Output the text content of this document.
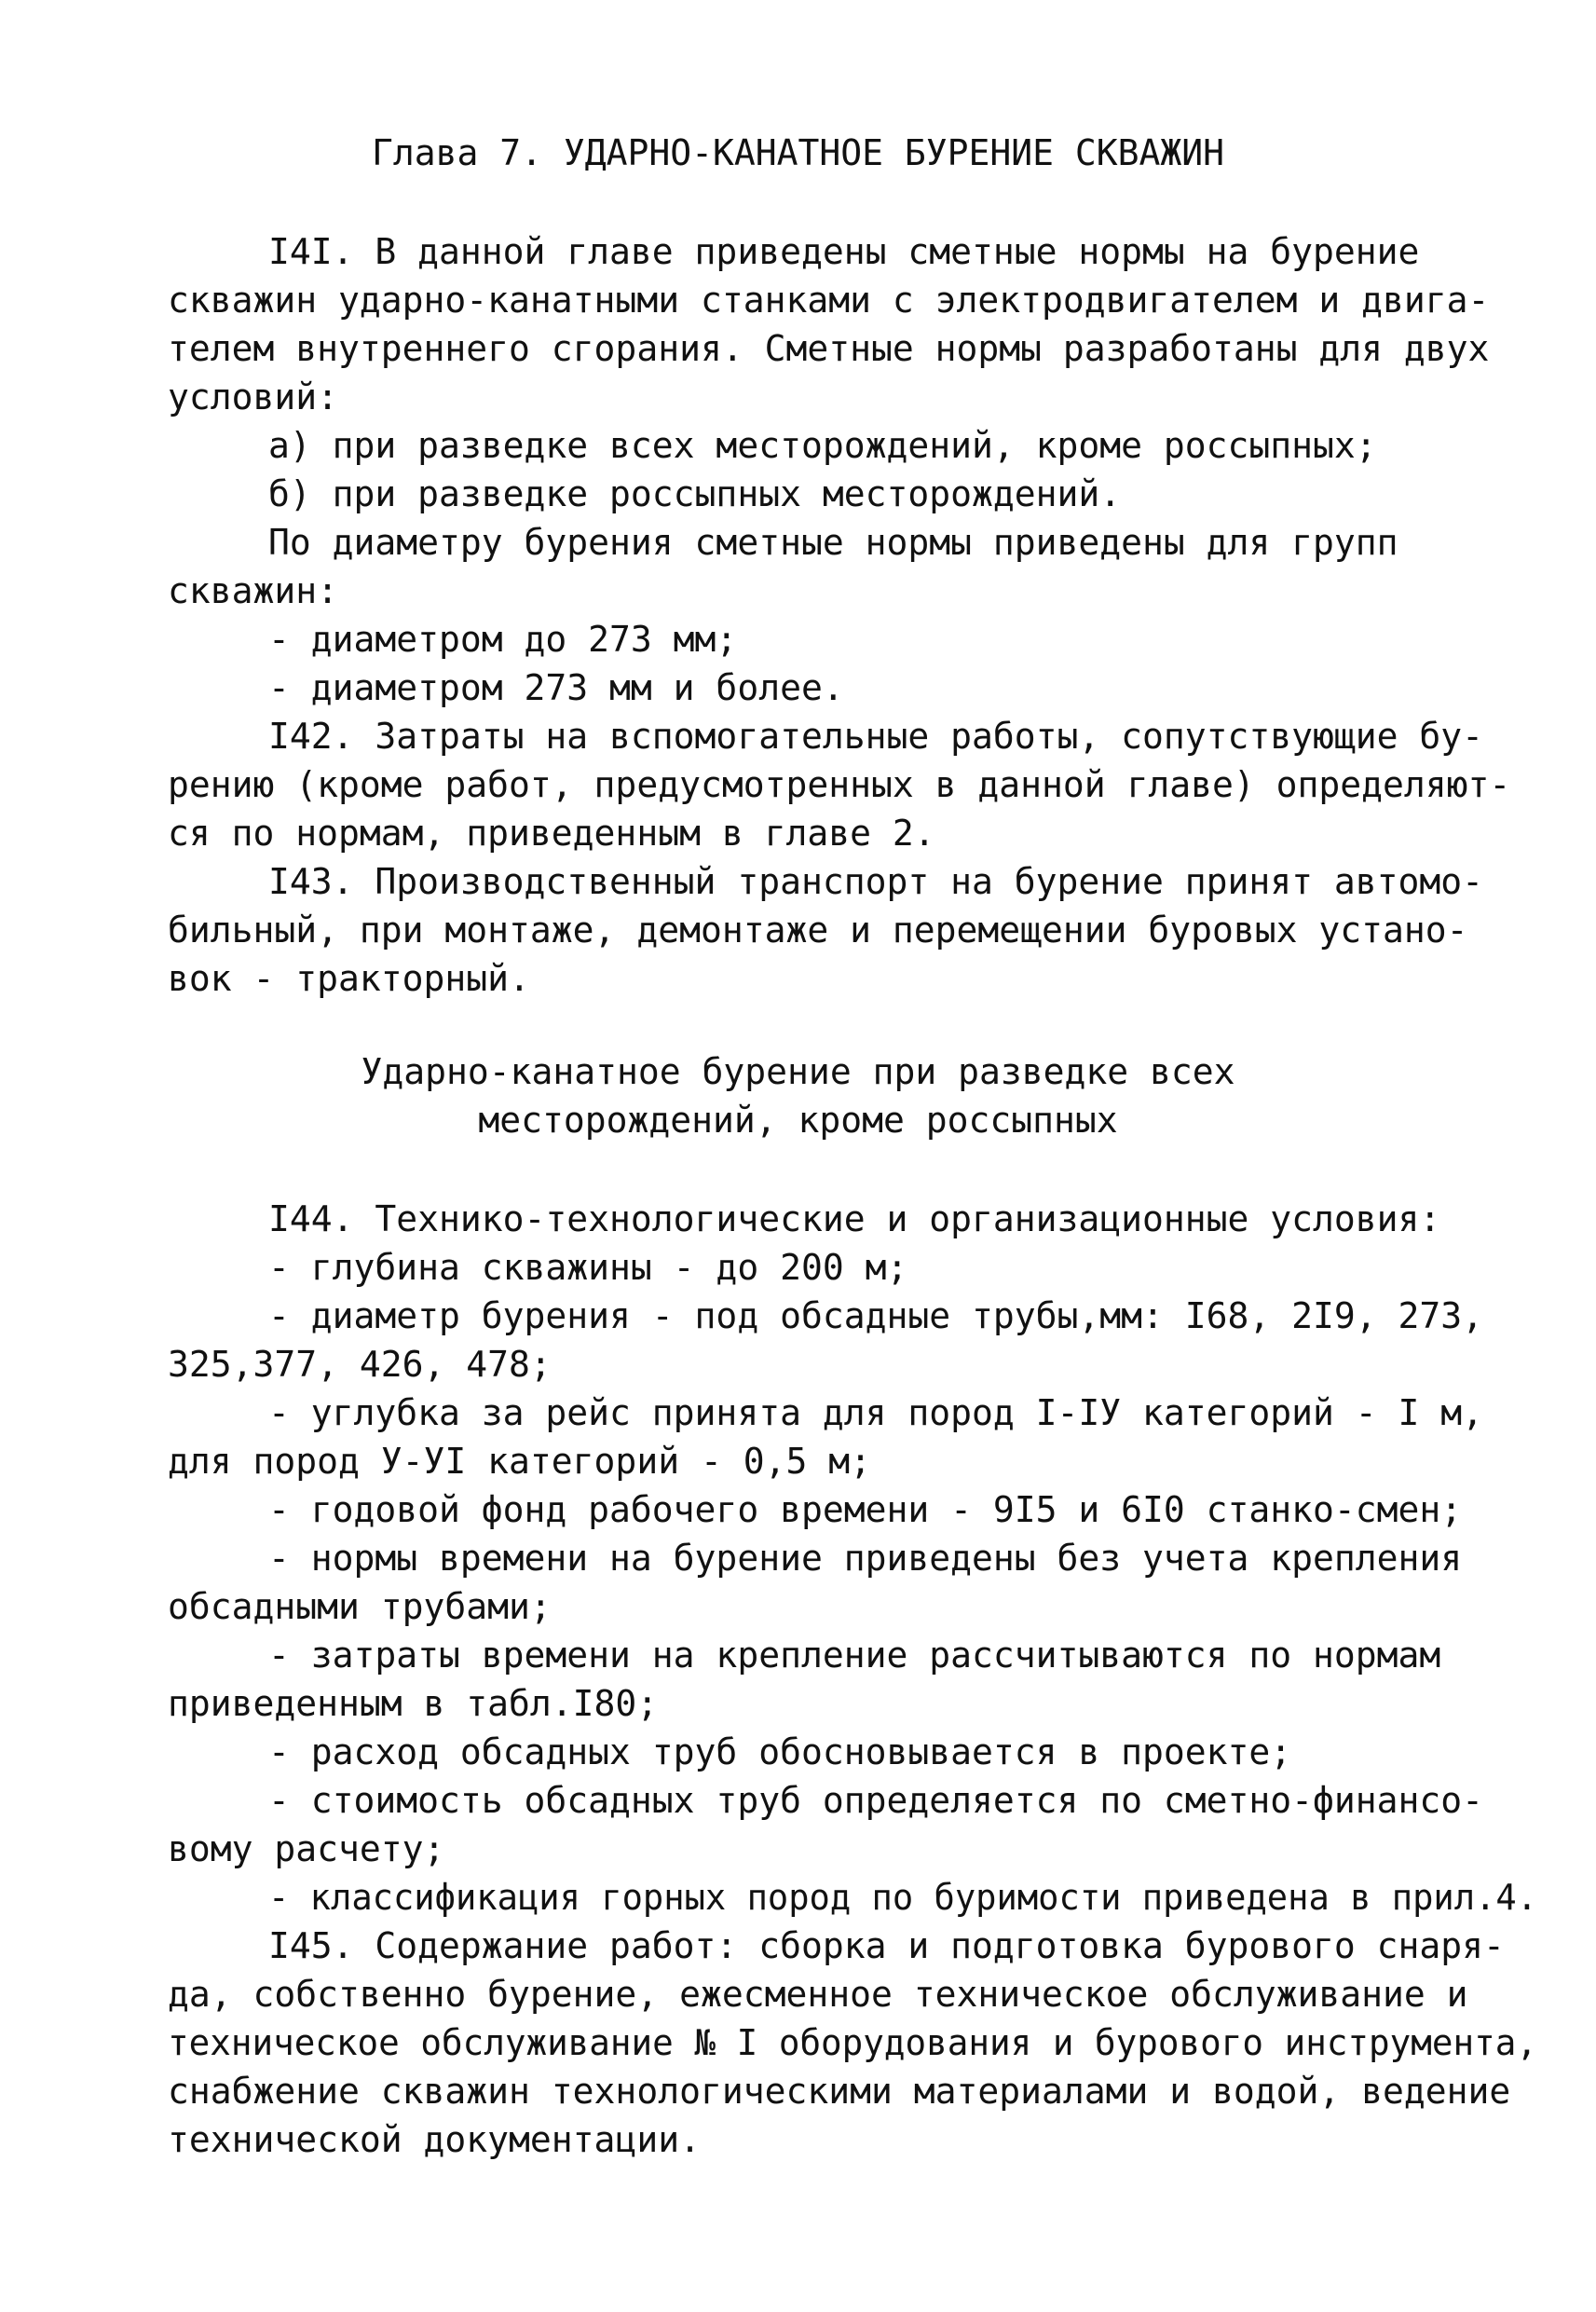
Глава 7. УДАРНО-КАНАТНОЕ БУРЕНИЕ СКВАЖИН

I4I. В данной главе приведены сметные нормы на бурение

скважин ударно-канатными станками с электродвигателем и двига-

телем внутреннего сгорания. Сметные нормы разработаны для двух

условий:

а) при разведке всех месторождений, кроме россыпных;

б) при разведке россыпных месторождений.

По диаметру бурения сметные нормы приведены для групп

скважин:

- диаметром до 273 мм;

- диаметром 273 мм и более.

I42. Затраты на вспомогательные работы, сопутствующие бу-

рению (кроме работ, предусмотренных в данной главе) определяют-

ся по нормам, приведенным в главе 2.

I43. Производственный транспорт на бурение принят автомо-

бильный, при монтаже, демонтаже и перемещении буровых устано-

вок - тракторный.

Ударно-канатное бурение при разведке всех

месторождений, кроме россыпных

I44. Технико-технологические и организационные условия:

- глубина скважины - до 200 м;

- диаметр бурения - под обсадные трубы,мм: I68, 2I9, 273,

325,377, 426, 478;

- углубка за рейс принята для пород I-IУ категорий - I м,

для пород У-УI категорий - 0,5 м;

- годовой фонд рабочего времени - 9I5 и 6I0 станко-смен;

- нормы времени на бурение приведены без учета крепления

обсадными трубами;

- затраты времени на крепление рассчитываются по нормам

приведенным в табл.I80;

- расход обсадных труб обосновывается в проекте;

- стоимость обсадных труб определяется по сметно-финансо-

вому расчету;

- классификация горных пород по буримости приведена в прил.4.

I45. Содержание работ: сборка и подготовка бурового снаря-

да, собственно бурение, ежесменное техническое обслуживание и

техническое обслуживание № I оборудования и бурового инструмента,

снабжение скважин технологическими материалами и водой, ведение

технической документации.
